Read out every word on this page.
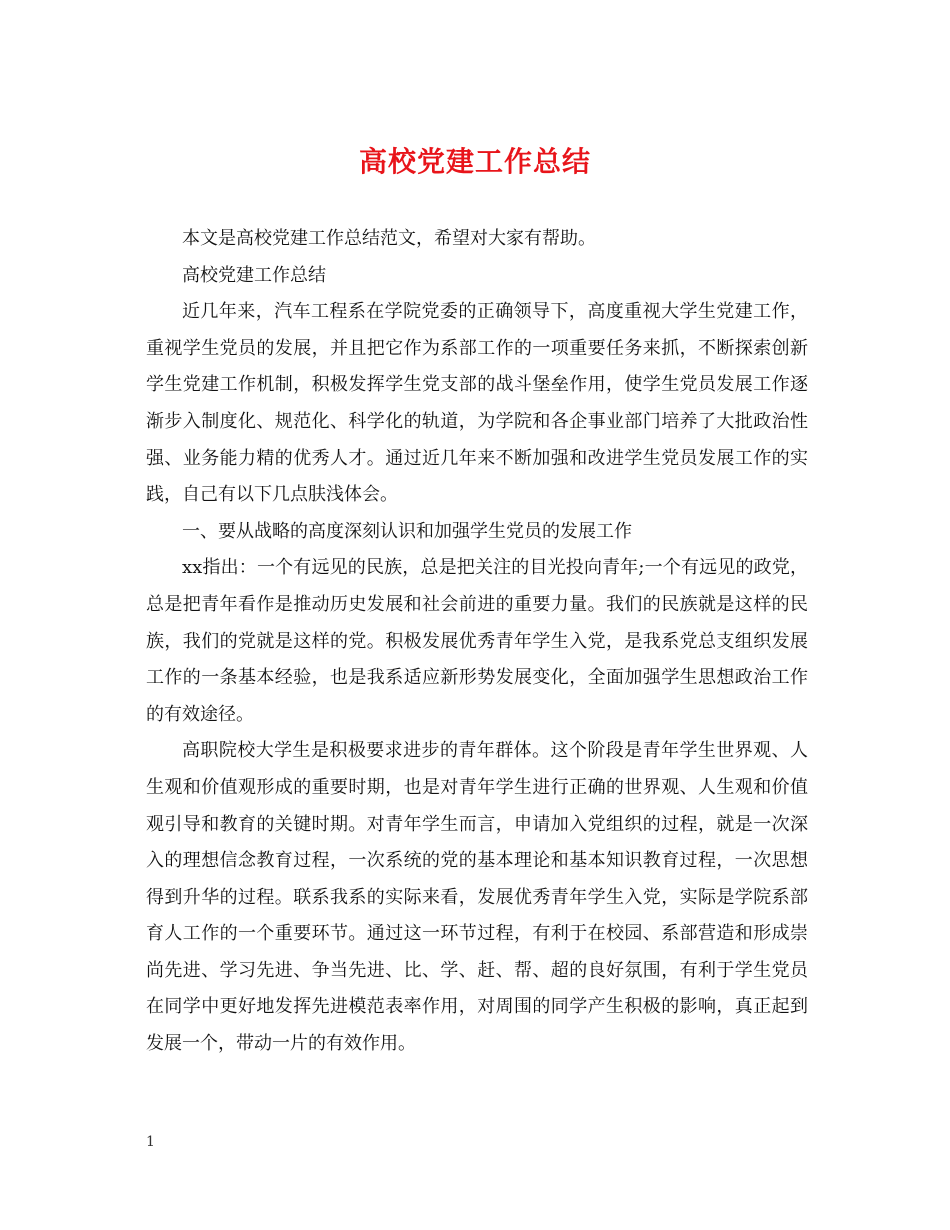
高校党建工作总结

本文是高校党建工作总结范文，希望对大家有帮助。

高校党建工作总结

近几年来，汽车工程系在学院党委的正确领导下，高度重视大学生党建工作，重视学生党员的发展，并且把它作为系部工作的一项重要任务来抓，不断探索创新学生党建工作机制，积极发挥学生党支部的战斗堡垒作用，使学生党员发展工作逐渐步入制度化、规范化、科学化的轨道，为学院和各企事业部门培养了大批政治性强、业务能力精的优秀人才。通过近几年来不断加强和改进学生党员发展工作的实践，自己有以下几点肤浅体会。

一、要从战略的高度深刻认识和加强学生党员的发展工作

xx指出：一个有远见的民族，总是把关注的目光投向青年;一个有远见的政党，总是把青年看作是推动历史发展和社会前进的重要力量。我们的民族就是这样的民族，我们的党就是这样的党。积极发展优秀青年学生入党，是我系党总支组织发展工作的一条基本经验，也是我系适应新形势发展变化，全面加强学生思想政治工作的有效途径。

高职院校大学生是积极要求进步的青年群体。这个阶段是青年学生世界观、人生观和价值观形成的重要时期，也是对青年学生进行正确的世界观、人生观和价值观引导和教育的关键时期。对青年学生而言，申请加入党组织的过程，就是一次深入的理想信念教育过程，一次系统的党的基本理论和基本知识教育过程，一次思想得到升华的过程。联系我系的实际来看，发展优秀青年学生入党，实际是学院系部育人工作的一个重要环节。通过这一环节过程，有利于在校园、系部营造和形成崇尚先进、学习先进、争当先进、比、学、赶、帮、超的良好氛围，有利于学生党员在同学中更好地发挥先进模范表率作用，对周围的同学产生积极的影响，真正起到发展一个，带动一片的有效作用。

1
